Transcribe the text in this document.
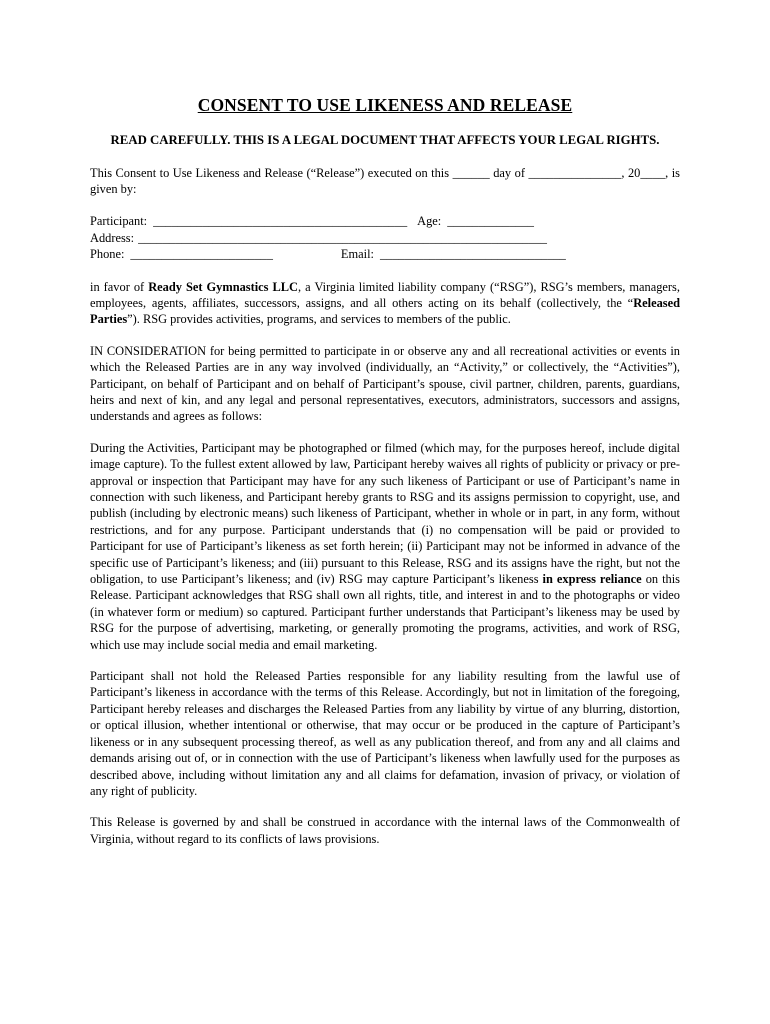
CONSENT TO USE LIKENESS AND RELEASE
READ CAREFULLY. THIS IS A LEGAL DOCUMENT THAT AFFECTS YOUR LEGAL RIGHTS.

This Consent to Use Likeness and Release (“Release”) executed on this ______ day of _______________, 20____, is given by:

Participant: _________________________________________ Age: ______________
Address: __________________________________________________________________
Phone: _______________________	Email: ______________________________

in favor of Ready Set Gymnastics LLC, a Virginia limited liability company (“RSG”), RSG’s members, managers, employees, agents, affiliates, successors, assigns, and all others acting on its behalf (collectively, the “Released Parties”). RSG provides activities, programs, and services to members of the public.

IN CONSIDERATION for being permitted to participate in or observe any and all recreational activities or events in which the Released Parties are in any way involved (individually, an “Activity,” or collectively, the “Activities”), Participant, on behalf of Participant and on behalf of Participant’s spouse, civil partner, children, parents, guardians, heirs and next of kin, and any legal and personal representatives, executors, administrators, successors and assigns, understands and agrees as follows:

During the Activities, Participant may be photographed or filmed (which may, for the purposes hereof, include digital image capture). To the fullest extent allowed by law, Participant hereby waives all rights of publicity or privacy or pre-approval or inspection that Participant may have for any such likeness of Participant or use of Participant’s name in connection with such likeness, and Participant hereby grants to RSG and its assigns permission to copyright, use, and publish (including by electronic means) such likeness of Participant, whether in whole or in part, in any form, without restrictions, and for any purpose. Participant understands that (i) no compensation will be paid or provided to Participant for use of Participant’s likeness as set forth herein; (ii) Participant may not be informed in advance of the specific use of Participant’s likeness; and (iii) pursuant to this Release, RSG and its assigns have the right, but not the obligation, to use Participant’s likeness; and (iv) RSG may capture Participant’s likeness in express reliance on this Release. Participant acknowledges that RSG shall own all rights, title, and interest in and to the photographs or video (in whatever form or medium) so captured. Participant further understands that Participant’s likeness may be used by RSG for the purpose of advertising, marketing, or generally promoting the programs, activities, and work of RSG, which use may include social media and email marketing.

Participant shall not hold the Released Parties responsible for any liability resulting from the lawful use of Participant’s likeness in accordance with the terms of this Release. Accordingly, but not in limitation of the foregoing, Participant hereby releases and discharges the Released Parties from any liability by virtue of any blurring, distortion, or optical illusion, whether intentional or otherwise, that may occur or be produced in the capture of Participant’s likeness or in any subsequent processing thereof, as well as any publication thereof, and from any and all claims and demands arising out of, or in connection with the use of Participant’s likeness when lawfully used for the purposes as described above, including without limitation any and all claims for defamation, invasion of privacy, or violation of any right of publicity.

This Release is governed by and shall be construed in accordance with the internal laws of the Commonwealth of Virginia, without regard to its conflicts of laws provisions.
